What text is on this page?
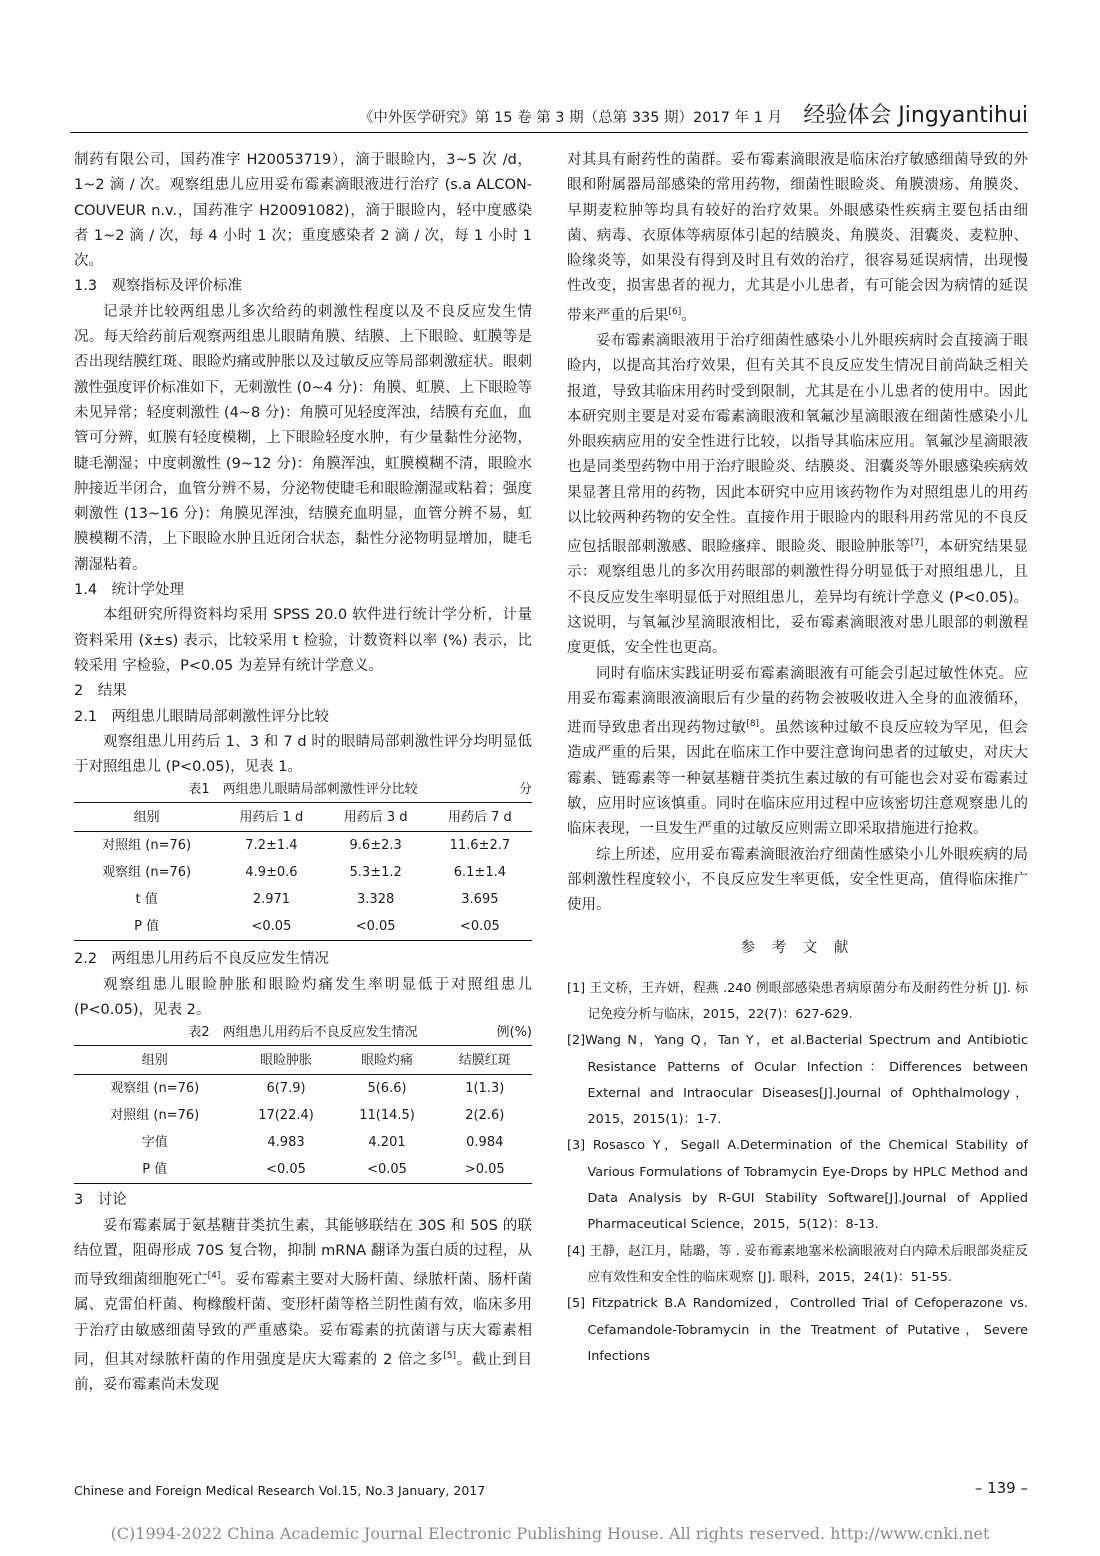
《中外医学研究》第 15 卷 第 3 期（总第 335 期）2017 年 1 月 经验体会 Jingyantihui

制药有限公司，国药准字 H20053719），滴于眼睑内，3~5 次 /d，1~2 滴 / 次。观察组患儿应用妥布霉素滴眼液进行治疗 (s.a ALCON-COUVEUR n.v.，国药准字 H20091082)，滴于眼睑内，轻中度感染者 1~2 滴 / 次，每 4 小时 1 次；重度感染者 2 滴 / 次，每 1 小时 1 次。

1.3　观察指标及评价标准

记录并比较两组患儿多次给药的刺激性程度以及不良反应发生情况。每天给药前后观察两组患儿眼睛角膜、结膜、上下眼睑、虹膜等是否出现结膜红斑、眼睑灼痛或肿胀以及过敏反应等局部刺激症状。眼刺激性强度评价标准如下，无刺激性 (0~4 分)：角膜、虹膜、上下眼睑等未见异常；轻度刺激性 (4~8 分)：角膜可见轻度浑浊，结膜有充血，血管可分辨，虹膜有轻度模糊，上下眼睑轻度水肿，有少量黏性分泌物，睫毛潮湿；中度刺激性 (9~12 分)：角膜浑浊，虹膜模糊不清，眼睑水肿接近半闭合，血管分辨不易，分泌物使睫毛和眼睑潮湿或粘着；强度刺激性 (13~16 分)：角膜见浑浊，结膜充血明显，血管分辨不易，虹膜模糊不清，上下眼睑水肿且近闭合状态，黏性分泌物明显增加，睫毛潮湿粘着。

1.4　统计学处理

本组研究所得资料均采用 SPSS 20.0 软件进行统计学分析，计量资料采用 (x̄±s) 表示，比较采用 t 检验，计数资料以率 (%) 表示，比较采用 字检验，P<0.05 为差异有统计学意义。

2　结果

2.1　两组患儿眼睛局部刺激性评分比较

观察组患儿用药后 1、3 和 7 d 时的眼睛局部刺激性评分均明显低于对照组患儿 (P<0.05)，见表 1。

表1　两组患儿眼睛局部刺激性评分比较	分
组别	用药后 1 d	用药后 3 d	用药后 7 d
对照组 (n=76)	7.2±1.4	9.6±2.3	11.6±2.7
观察组 (n=76)	4.9±0.6	5.3±1.2	6.1±1.4
t 值	2.971	3.328	3.695
P 值	<0.05	<0.05	<0.05

2.2　两组患儿用药后不良反应发生情况

观察组患儿眼睑肿胀和眼睑灼痛发生率明显低于对照组患儿 (P<0.05)，见表 2。

表2　两组患儿用药后不良反应发生情况	例(%)
组别	眼睑肿胀	眼睑灼痛	结膜红斑
观察组 (n=76)	6(7.9)	5(6.6)	1(1.3)
对照组 (n=76)	17(22.4)	11(14.5)	2(2.6)
字值	4.983	4.201	0.984
P 值	<0.05	<0.05	>0.05

3　讨论

妥布霉素属于氨基糖苷类抗生素，其能够联结在 30S 和 50S 的联结位置，阻碍形成 70S 复合物，抑制 mRNA 翻译为蛋白质的过程，从而导致细菌细胞死亡[4]。妥布霉素主要对大肠杆菌、绿脓杆菌、肠杆菌属、克雷伯杆菌、枸橼酸杆菌、变形杆菌等格兰阴性菌有效，临床多用于治疗由敏感细菌导致的严重感染。妥布霉素的抗菌谱与庆大霉素相同，但其对绿脓杆菌的作用强度是庆大霉素的 2 倍之多[5]。截止到目前，妥布霉素尚未发现

对其具有耐药性的菌群。妥布霉素滴眼液是临床治疗敏感细菌导致的外眼和附属器局部感染的常用药物，细菌性眼睑炎、角膜溃疡、角膜炎、早期麦粒肿等均具有较好的治疗效果。外眼感染性疾病主要包括由细菌、病毒、衣原体等病原体引起的结膜炎、角膜炎、泪囊炎、麦粒肿、睑缘炎等，如果没有得到及时且有效的治疗，很容易延误病情，出现慢性改变，损害患者的视力，尤其是小儿患者，有可能会因为病情的延误带来严重的后果[6]。

妥布霉素滴眼液用于治疗细菌性感染小儿外眼疾病时会直接滴于眼睑内，以提高其治疗效果，但有关其不良反应发生情况目前尚缺乏相关报道，导致其临床用药时受到限制，尤其是在小儿患者的使用中。因此本研究则主要是对妥布霉素滴眼液和氧氟沙星滴眼液在细菌性感染小儿外眼疾病应用的安全性进行比较，以指导其临床应用。氧氟沙星滴眼液也是同类型药物中用于治疗眼睑炎、结膜炎、泪囊炎等外眼感染疾病效果显著且常用的药物，因此本研究中应用该药物作为对照组患儿的用药以比较两种药物的安全性。直接作用于眼睑内的眼科用药常见的不良反应包括眼部刺激感、眼睑瘙痒、眼睑炎、眼睑肿胀等[7]，本研究结果显示：观察组患儿的多次用药眼部的刺激性得分明显低于对照组患儿，且不良反应发生率明显低于对照组患儿，差异均有统计学意义 (P<0.05)。这说明，与氧氟沙星滴眼液相比，妥布霉素滴眼液对患儿眼部的刺激程度更低，安全性也更高。

同时有临床实践证明妥布霉素滴眼液有可能会引起过敏性休克。应用妥布霉素滴眼液滴眼后有少量的药物会被吸收进入全身的血液循环，进而导致患者出现药物过敏[8]。虽然该种过敏不良反应较为罕见，但会造成严重的后果，因此在临床工作中要注意询问患者的过敏史，对庆大霉素、链霉素等一种氨基糖苷类抗生素过敏的有可能也会对妥布霉素过敏，应用时应该慎重。同时在临床应用过程中应该密切注意观察患儿的临床表现，一旦发生严重的过敏反应则需立即采取措施进行抢救。

综上所述，应用妥布霉素滴眼液治疗细菌性感染小儿外眼疾病的局部刺激性程度较小，不良反应发生率更低，安全性更高，值得临床推广使用。

参 考 文 献

[1] 王文桥，王卉妍，程燕 .240 例眼部感染患者病原菌分布及耐药性分析 [J]. 标记免疫分析与临床，2015，22(7)：627-629.

[2]Wang N，Yang Q，Tan Y，et al.Bacterial Spectrum and Antibiotic Resistance Patterns of Ocular Infection：Differences between External and Intraocular Diseases[J].Journal of Ophthalmology，2015，2015(1)：1-7.

[3] Rosasco Y，Segall A.Determination of the Chemical Stability of Various Formulations of Tobramycin Eye-Drops by HPLC Method and Data Analysis by R-GUI Stability Software[J].Journal of Applied Pharmaceutical Science，2015，5(12)：8-13.

[4] 王静，赵江月，陆璐，等 . 妥布霉素地塞米松滴眼液对白内障术后眼部炎症反应有效性和安全性的临床观察 [J]. 眼科，2015，24(1)：51-55.

[5] Fitzpatrick B.A Randomized，Controlled Trial of Cefoperazone vs. Cefamandole-Tobramycin in the Treatment of Putative，Severe Infections

Chinese and Foreign Medical Research Vol.15, No.3 January, 2017	– 139 –
(C)1994-2022 China Academic Journal Electronic Publishing House. All rights reserved. http://www.cnki.net
